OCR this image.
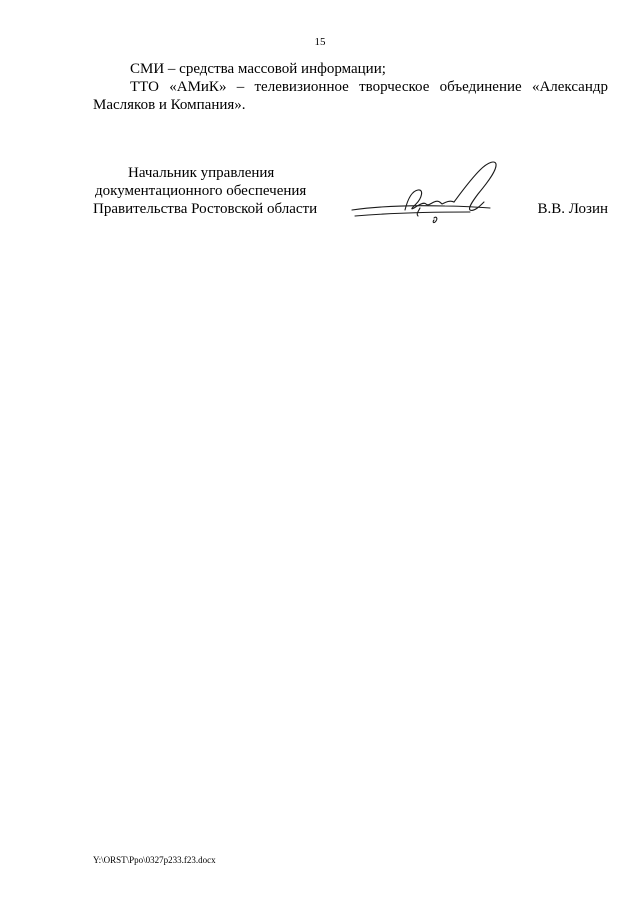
15
СМИ – средства массовой информации;
ТТО «АМиК» – телевизионное творческое объединение «Александр
Масляков и Компания».
Начальник управления
документационного обеспечения
Правительства Ростовской области	В.В. Лозин
Y:\ORST\Ppo\0327p233.f23.docx
